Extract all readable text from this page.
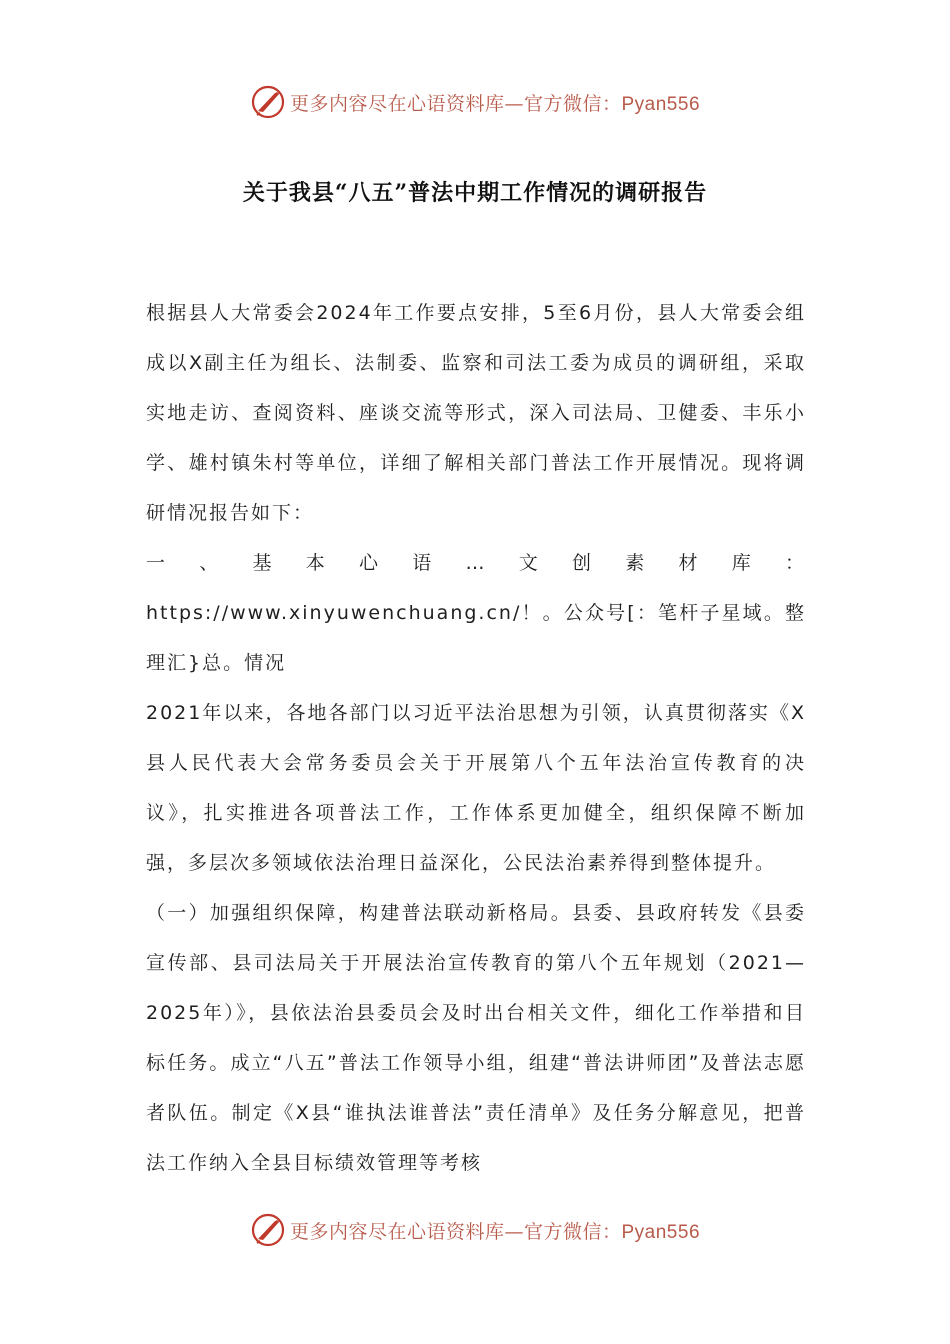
更多内容尽在心语资料库—官方微信：Pyan556
关于我县“八五”普法中期工作情况的调研报告

根据县人大常委会2024年工作要点安排，5至6月份，县人大常委会组成以X副主任为组长、法制委、监察和司法工委为成员的调研组，采取实地走访、查阅资料、座谈交流等形式，深入司法局、卫健委、丰乐小学、雄村镇朱村等单位，详细了解相关部门普法工作开展情况。现将调研情况报告如下：

一、基本心语…文创素材库：https://www.xinyuwenchuang.cn/！。公众号[：笔杆子星域。整理汇}总。情况

2021年以来，各地各部门以习近平法治思想为引领，认真贯彻落实《X县人民代表大会常务委员会关于开展第八个五年法治宣传教育的决议》，扎实推进各项普法工作，工作体系更加健全，组织保障不断加强，多层次多领域依法治理日益深化，公民法治素养得到整体提升。

（一）加强组织保障，构建普法联动新格局。县委、县政府转发《县委宣传部、县司法局关于开展法治宣传教育的第八个五年规划（2021—2025年）》，县依法治县委员会及时出台相关文件，细化工作举措和目标任务。成立“八五”普法工作领导小组，组建“普法讲师团”及普法志愿者队伍。制定《X县“谁执法谁普法”责任清单》及任务分解意见，把普法工作纳入全县目标绩效管理等考核

更多内容尽在心语资料库—官方微信：Pyan556
